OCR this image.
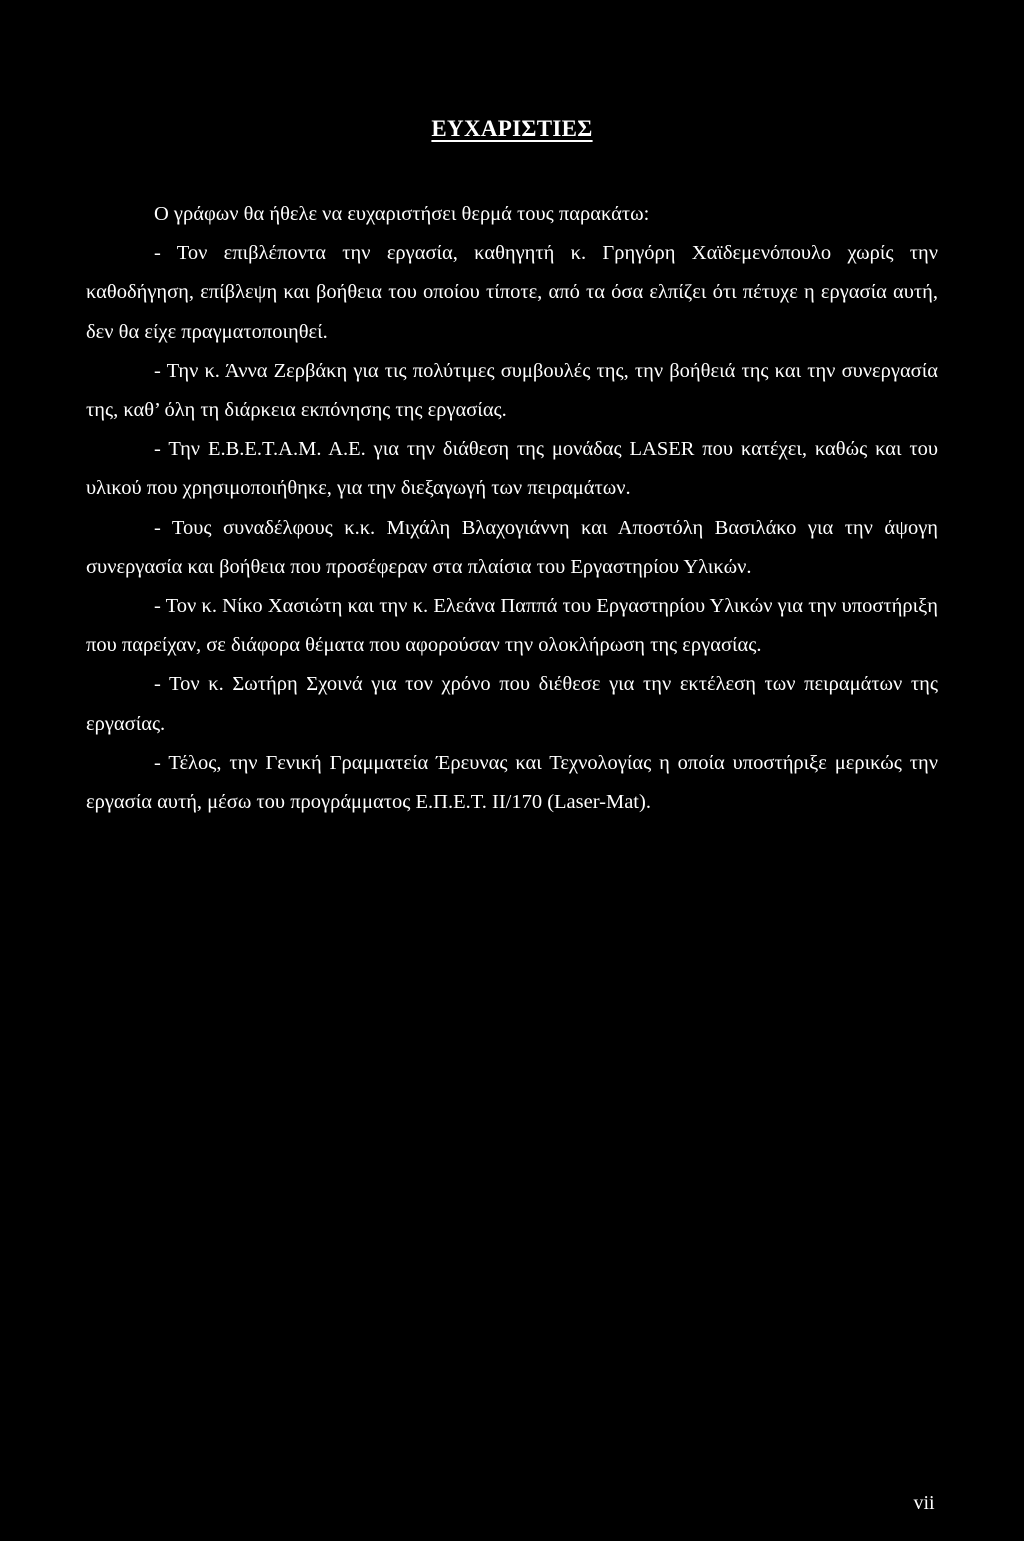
ΕΥΧΑΡΙΣΤΙΕΣ

Ο γράφων θα ήθελε να ευχαριστήσει θερμά τους παρακάτω:

- Τον επιβλέποντα την εργασία, καθηγητή κ. Γρηγόρη Χαϊδεμενόπουλο χωρίς την καθοδήγηση, επίβλεψη και βοήθεια του οποίου τίποτε, από τα όσα ελπίζει ότι πέτυχε η εργασία αυτή, δεν θα είχε πραγματοποιηθεί.

- Την κ. Άννα Ζερβάκη για τις πολύτιμες συμβουλές της, την βοήθειά της και την συνεργασία της, καθ’ όλη τη διάρκεια εκπόνησης της εργασίας.

- Την Ε.Β.Ε.Τ.Α.Μ. Α.Ε. για την διάθεση της μονάδας LASER που κατέχει, καθώς και του υλικού που χρησιμοποιήθηκε, για την διεξαγωγή των πειραμάτων.

- Τους συναδέλφους κ.κ. Μιχάλη Βλαχογιάννη και Αποστόλη Βασιλάκο για την άψογη συνεργασία και βοήθεια που προσέφεραν στα πλαίσια του Εργαστηρίου Υλικών.

- Τον κ. Νίκο Χασιώτη και την κ. Ελεάνα Παππά του Εργαστηρίου Υλικών για την υποστήριξη που παρείχαν, σε διάφορα θέματα που αφορούσαν την ολοκλήρωση της εργασίας.

- Τον κ. Σωτήρη Σχοινά για τον χρόνο που διέθεσε για την εκτέλεση των πειραμάτων της εργασίας.

- Τέλος, την Γενική Γραμματεία Έρευνας και Τεχνολογίας η οποία υποστήριξε μερικώς την εργασία αυτή, μέσω του προγράμματος Ε.Π.Ε.Τ. II/170 (Laser-Mat).

vii
